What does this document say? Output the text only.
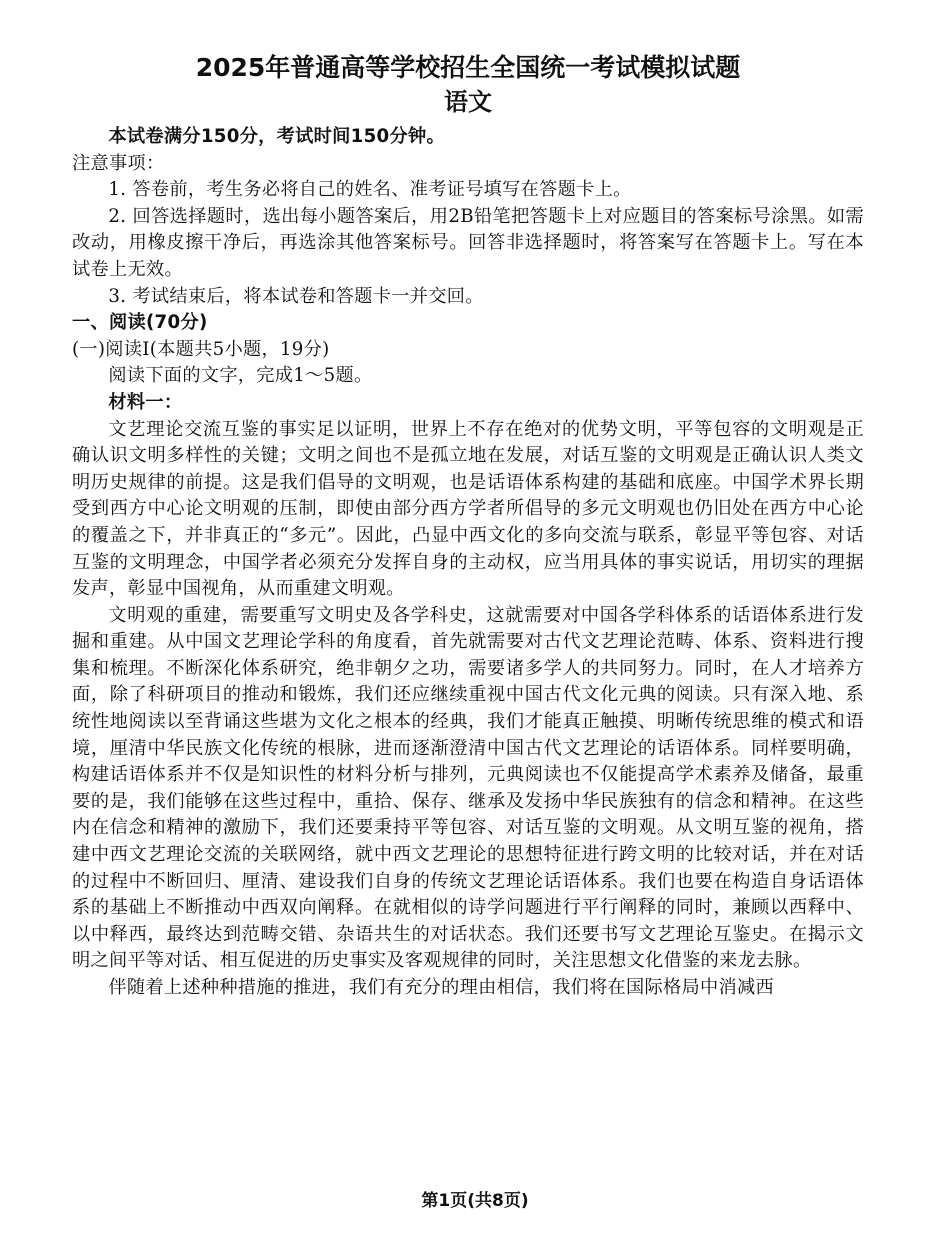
2025年普通高等学校招生全国统一考试模拟试题
语文

本试卷满分150分，考试时间150分钟。

注意事项：

1. 答卷前，考生务必将自己的姓名、准考证号填写在答题卡上。

2. 回答选择题时，选出每小题答案后，用2B铅笔把答题卡上对应题目的答案标号涂黑。如需改动，用橡皮擦干净后，再选涂其他答案标号。回答非选择题时，将答案写在答题卡上。写在本试卷上无效。

3. 考试结束后，将本试卷和答题卡一并交回。

一、阅读(70分)

(一)阅读Ⅰ(本题共5小题，19分)

阅读下面的文字，完成1～5题。

材料一：

文艺理论交流互鉴的事实足以证明，世界上不存在绝对的优势文明，平等包容的文明观是正确认识文明多样性的关键；文明之间也不是孤立地在发展，对话互鉴的文明观是正确认识人类文明历史规律的前提。这是我们倡导的文明观，也是话语体系构建的基础和底座。中国学术界长期受到西方中心论文明观的压制，即使由部分西方学者所倡导的多元文明观也仍旧处在西方中心论的覆盖之下，并非真正的“多元”。因此，凸显中西文化的多向交流与联系，彰显平等包容、对话互鉴的文明理念，中国学者必须充分发挥自身的主动权，应当用具体的事实说话，用切实的理据发声，彰显中国视角，从而重建文明观。

文明观的重建，需要重写文明史及各学科史，这就需要对中国各学科体系的话语体系进行发掘和重建。从中国文艺理论学科的角度看，首先就需要对古代文艺理论范畴、体系、资料进行搜集和梳理。不断深化体系研究，绝非朝夕之功，需要诸多学人的共同努力。同时，在人才培养方面，除了科研项目的推动和锻炼，我们还应继续重视中国古代文化元典的阅读。只有深入地、系统性地阅读以至背诵这些堪为文化之根本的经典，我们才能真正触摸、明晰传统思维的模式和语境，厘清中华民族文化传统的根脉，进而逐渐澄清中国古代文艺理论的话语体系。同样要明确，构建话语体系并不仅是知识性的材料分析与排列，元典阅读也不仅能提高学术素养及储备，最重要的是，我们能够在这些过程中，重拾、保存、继承及发扬中华民族独有的信念和精神。在这些内在信念和精神的激励下，我们还要秉持平等包容、对话互鉴的文明观。从文明互鉴的视角，搭建中西文艺理论交流的关联网络，就中西文艺理论的思想特征进行跨文明的比较对话，并在对话的过程中不断回归、厘清、建设我们自身的传统文艺理论话语体系。我们也要在构造自身话语体系的基础上不断推动中西双向阐释。在就相似的诗学问题进行平行阐释的同时，兼顾以西释中、以中释西，最终达到范畴交错、杂语共生的对话状态。我们还要书写文艺理论互鉴史。在揭示文明之间平等对话、相互促进的历史事实及客观规律的同时，关注思想文化借鉴的来龙去脉。

伴随着上述种种措施的推进，我们有充分的理由相信，我们将在国际格局中消减西

第1页(共8页)
